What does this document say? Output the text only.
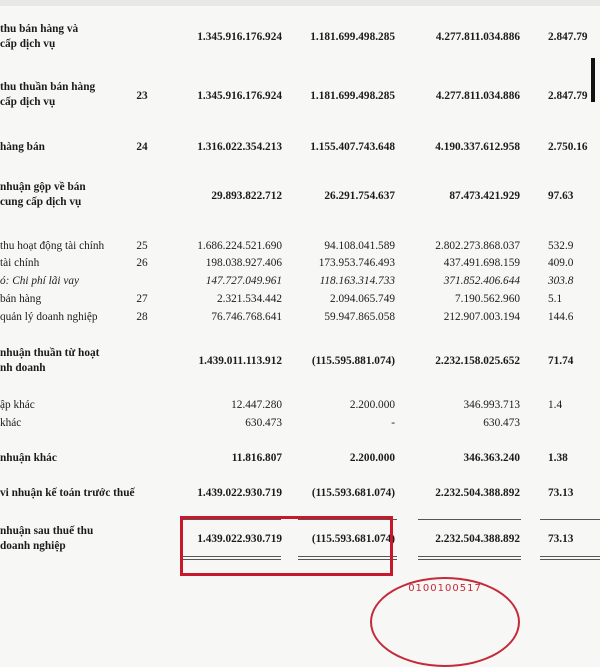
thu bán hàng và
cấp dịch vụ
1.345.916.176.924	1.181.699.498.285	4.277.811.034.886 2.847.79
thu thuần bán hàng
cấp dịch vụ	23	1.345.916.176.924	1.181.699.498.285	4.277.811.034.886 2.847.79
hàng bán	24	1.316.022.354.213	1.155.407.743.648	4.190.337.612.958 2.750.16
nhuận gộp về bán
cung cấp dịch vụ	29.893.822.712	26.291.754.637	87.473.421.929 97.63
thu hoạt động tài chính	25	1.686.224.521.690	94.108.041.589	2.802.273.868.037 532.9
tài chính	26	198.038.927.406	173.953.746.493	437.491.698.159 409.0
ó: Chi phí lãi vay	147.727.049.961	118.163.314.733	371.852.406.644 303.8
bán hàng	27	2.321.534.442	2.094.065.749	7.190.562.960 5.1
quản lý doanh nghiệp	28	76.746.768.641	59.947.865.058	212.907.003.194 144.6
nhuận thuần từ hoạt
nh doanh
1.439.011.113.912	(115.595.881.074)	2.232.158.025.652 71.74
ập khác	12.447.280	2.200.000	346.993.713 1.4
khác	630.473	-	630.473
nhuận khác	11.816.807	2.200.000	346.363.240 1.38
vi nhuận kế toán trước thuế	1.439.022.930.719	(115.593.681.074)	2.232.504.388.892 73.13
nhuận sau thuế thu
doanh nghiệp
1.439.022.930.719	(115.593.681.074)	2.232.504.388.892 73.13
0100100517
